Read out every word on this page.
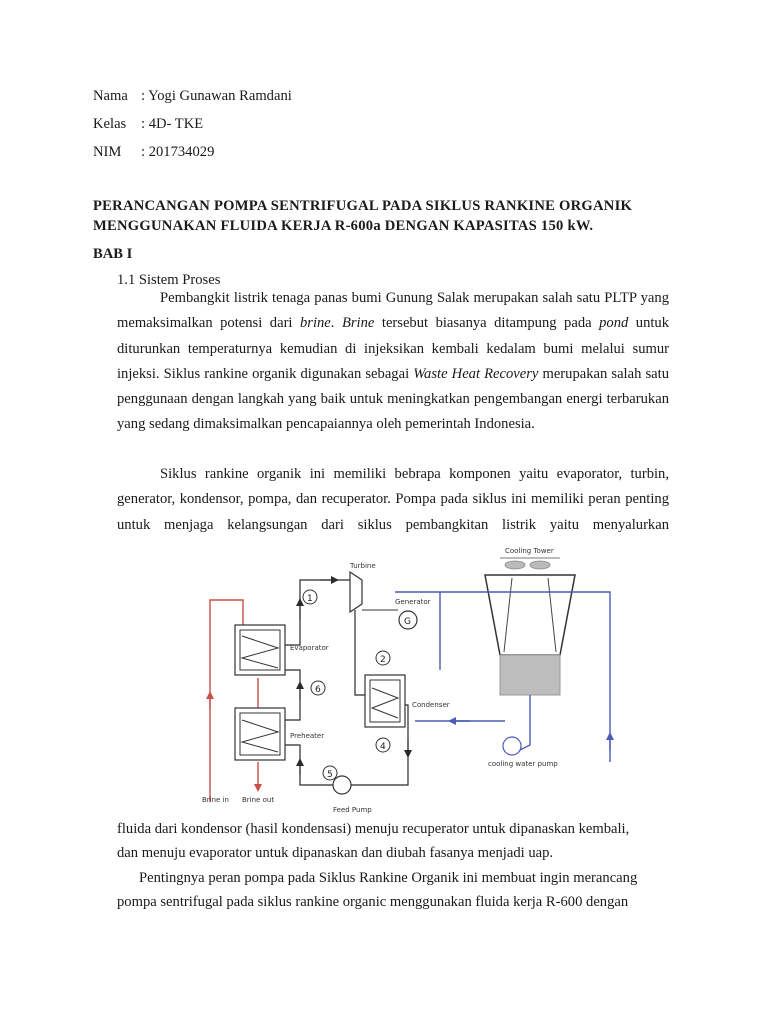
Nama : Yogi Gunawan Ramdani
Kelas : 4D- TKE
NIM : 201734029
PERANCANGAN POMPA SENTRIFUGAL PADA SIKLUS RANKINE ORGANIK
MENGGUNAKAN FLUIDA KERJA R-600a DENGAN KAPASITAS 150 kW.
BAB I
1.1 Sistem Proses

Pembangkit listrik tenaga panas bumi Gunung Salak merupakan salah satu PLTP yang memaksimalkan potensi dari brine. Brine tersebut biasanya ditampung pada pond untuk diturunkan temperaturnya kemudian di injeksikan kembali kedalam bumi melalui sumur injeksi. Siklus rankine organik digunakan sebagai Waste Heat Recovery merupakan salah satu penggunaan dengan langkah yang baik untuk meningkatkan pengembangan energi terbarukan yang sedang dimaksimalkan pencapaiannya oleh pemerintah Indonesia.

Siklus rankine organik ini memiliki bebrapa komponen yaitu evaporator, turbin, generator, kondensor, pompa, dan recuperator. Pompa pada siklus ini memiliki peran penting untuk menjaga kelangsungan dari siklus pembangkitan listrik yaitu menyalurkan

Cooling Tower
cooling water pump
Brine in Brine out
Turbine
G
Generator
Evaporator
Preheater
Condenser
Feed Pump
1
2
4
5
6
fluida dari kondensor (hasil kondensasi) menuju recuperator untuk dipanaskan kembali,
dan menuju evaporator untuk dipanaskan dan diubah fasanya menjadi uap.
Pentingnya peran pompa pada Siklus Rankine Organik ini membuat ingin merancang
pompa sentrifugal pada siklus rankine organic menggunakan fluida kerja R-600 dengan
